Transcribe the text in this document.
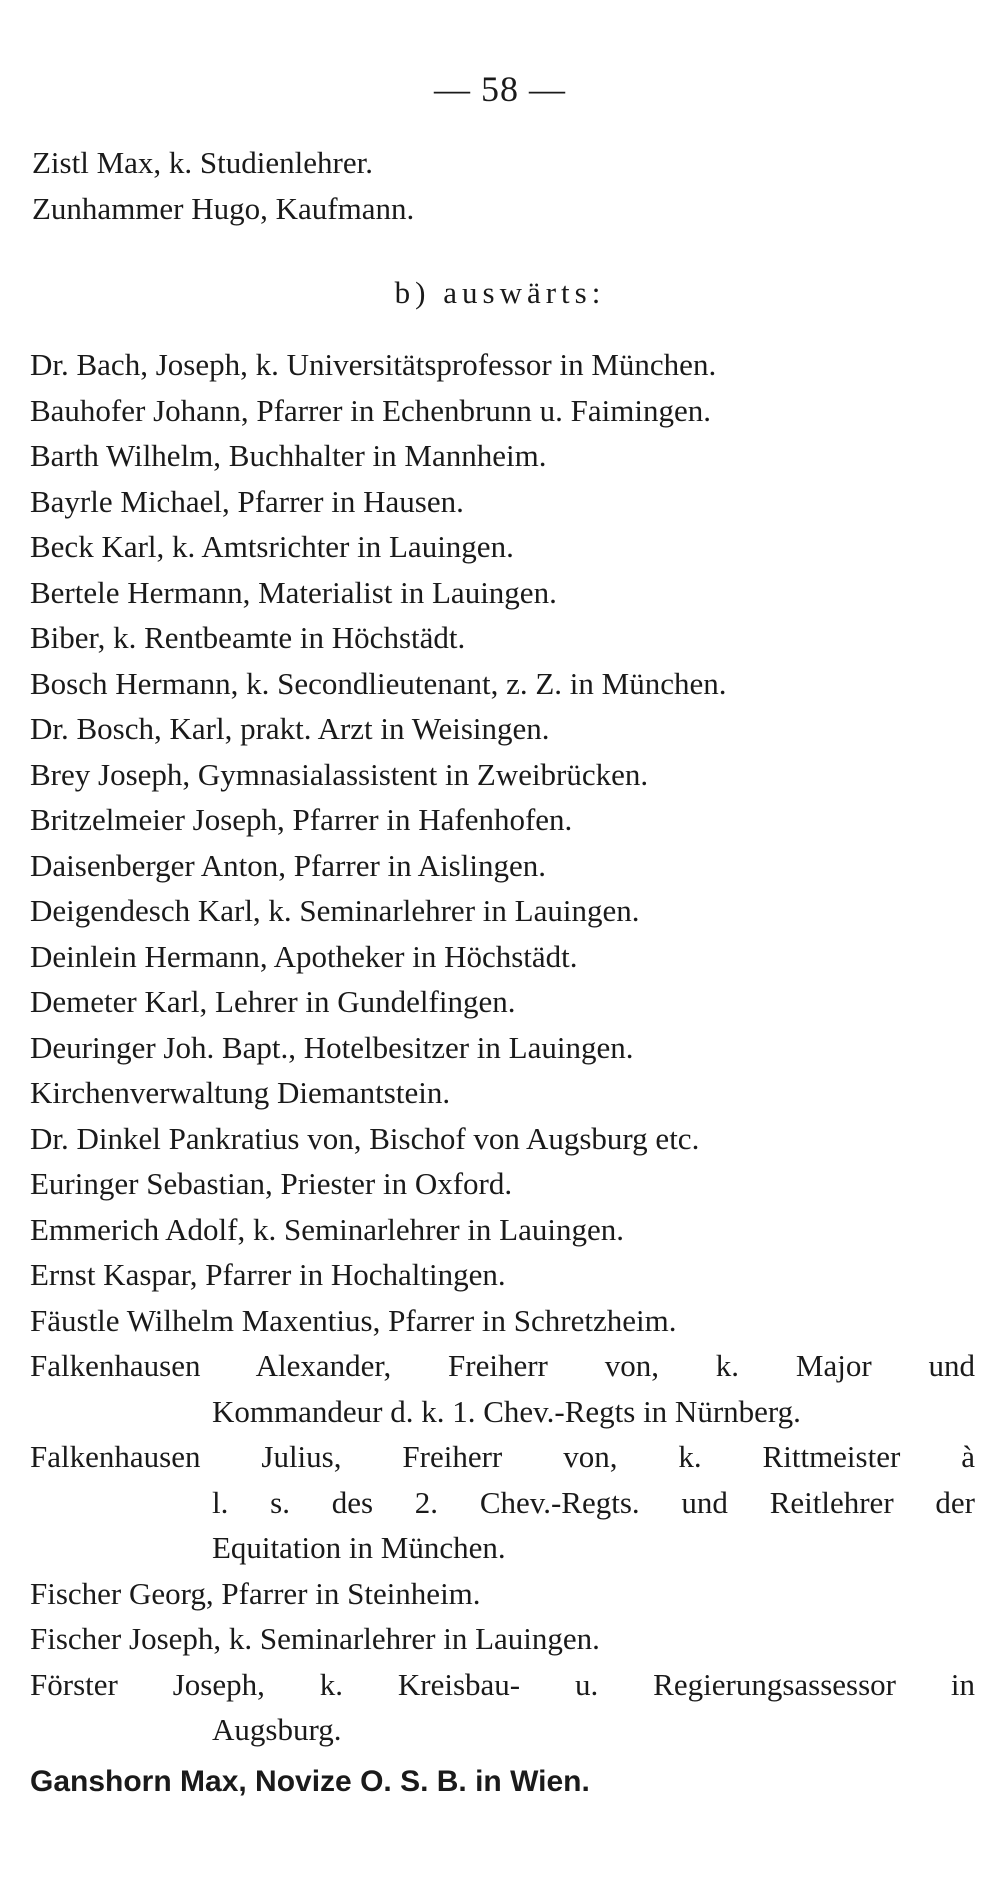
— 58 —
Zistl Max, k. Studienlehrer.
Zunhammer Hugo, Kaufmann.
b) auswärts:
Dr. Bach, Joseph, k. Universitätsprofessor in München.
Bauhofer Johann, Pfarrer in Echenbrunn u. Faimingen.
Barth Wilhelm, Buchhalter in Mannheim.
Bayrle Michael, Pfarrer in Hausen.
Beck Karl, k. Amtsrichter in Lauingen.
Bertele Hermann, Materialist in Lauingen.
Biber, k. Rentbeamte in Höchstädt.
Bosch Hermann, k. Secondlieutenant, z. Z. in München.
Dr. Bosch, Karl, prakt. Arzt in Weisingen.
Brey Joseph, Gymnasialassistent in Zweibrücken.
Britzelmeier Joseph, Pfarrer in Hafenhofen.
Daisenberger Anton, Pfarrer in Aislingen.
Deigendesch Karl, k. Seminarlehrer in Lauingen.
Deinlein Hermann, Apotheker in Höchstädt.
Demeter Karl, Lehrer in Gundelfingen.
Deuringer Joh. Bapt., Hotelbesitzer in Lauingen.
Kirchenverwaltung Diemantstein.
Dr. Dinkel Pankratius von, Bischof von Augsburg etc.
Euringer Sebastian, Priester in Oxford.
Emmerich Adolf, k. Seminarlehrer in Lauingen.
Ernst Kaspar, Pfarrer in Hochaltingen.
Fäustle Wilhelm Maxentius, Pfarrer in Schretzheim.
Falkenhausen Alexander, Freiherr von, k. Major und
Kommandeur d. k. 1. Chev.-Regts in Nürnberg.
Falkenhausen Julius, Freiherr von, k. Rittmeister à
l. s. des 2. Chev.-Regts. und Reitlehrer der
Equitation in München.
Fischer Georg, Pfarrer in Steinheim.
Fischer Joseph, k. Seminarlehrer in Lauingen.
Förster Joseph, k. Kreisbau- u. Regierungsassessor in
Augsburg.
Ganshorn Max, Novize O. S. B. in Wien.
